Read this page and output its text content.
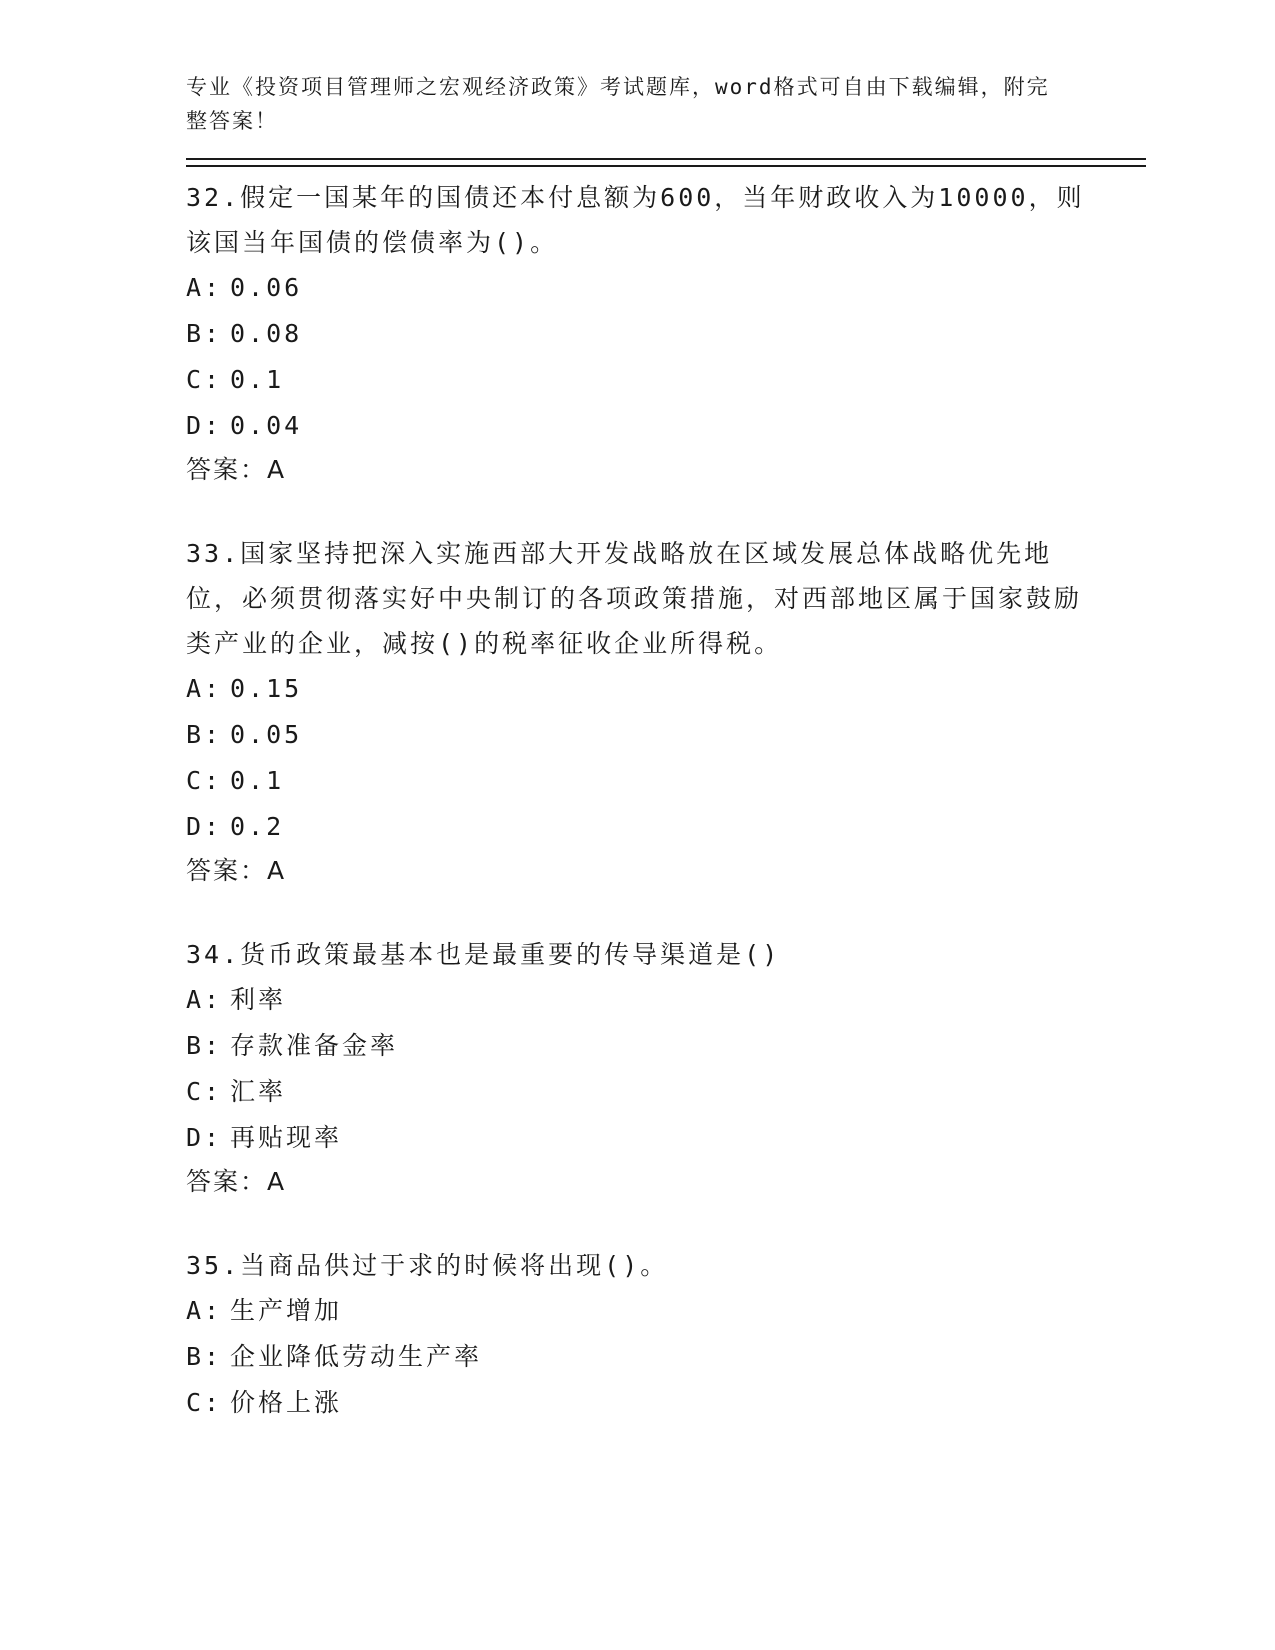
专业《投资项目管理师之宏观经济政策》考试题库，word格式可自由下载编辑，附完整答案！
32.假定一国某年的国债还本付息额为600，当年财政收入为10000，则该国当年国债的偿债率为()。
A: 0.06
B: 0.08
C: 0.1
D: 0.04
答案：A
33.国家坚持把深入实施西部大开发战略放在区域发展总体战略优先地位，必须贯彻落实好中央制订的各项政策措施，对西部地区属于国家鼓励类产业的企业，减按()的税率征收企业所得税。
A: 0.15
B: 0.05
C: 0.1
D: 0.2
答案：A
34.货币政策最基本也是最重要的传导渠道是()
A: 利率
B: 存款准备金率
C: 汇率
D: 再贴现率
答案：A
35.当商品供过于求的时候将出现()。
A: 生产增加
B: 企业降低劳动生产率
C: 价格上涨
